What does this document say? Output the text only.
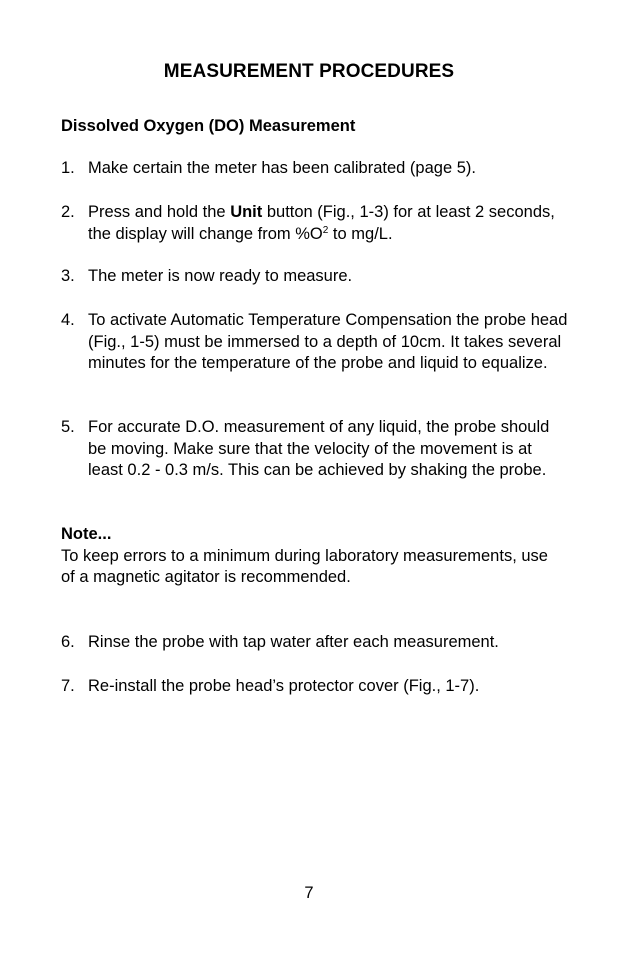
MEASUREMENT PROCEDURES
Dissolved Oxygen (DO) Measurement
1. Make certain the meter has been calibrated (page 5).
2. Press and hold the Unit button (Fig., 1-3) for at least 2 seconds, the display will change from $\%O^2$ to mg/L.
3. The meter is now ready to measure.
4. To activate Automatic Temperature Compensation the probe head (Fig., 1-5) must be immersed to a depth of 10cm. It takes several minutes for the temperature of the probe and liquid to equalize.
5. For accurate D.O. measurement of any liquid, the probe should be moving. Make sure that the velocity of the movement is at least 0.2 - 0.3 m/s. This can be achieved by shaking the probe.
Note...
To keep errors to a minimum during laboratory measurements, use of a magnetic agitator is recommended.
6. Rinse the probe with tap water after each measurement.
7. Re-install the probe head’s protector cover (Fig., 1-7).
7
